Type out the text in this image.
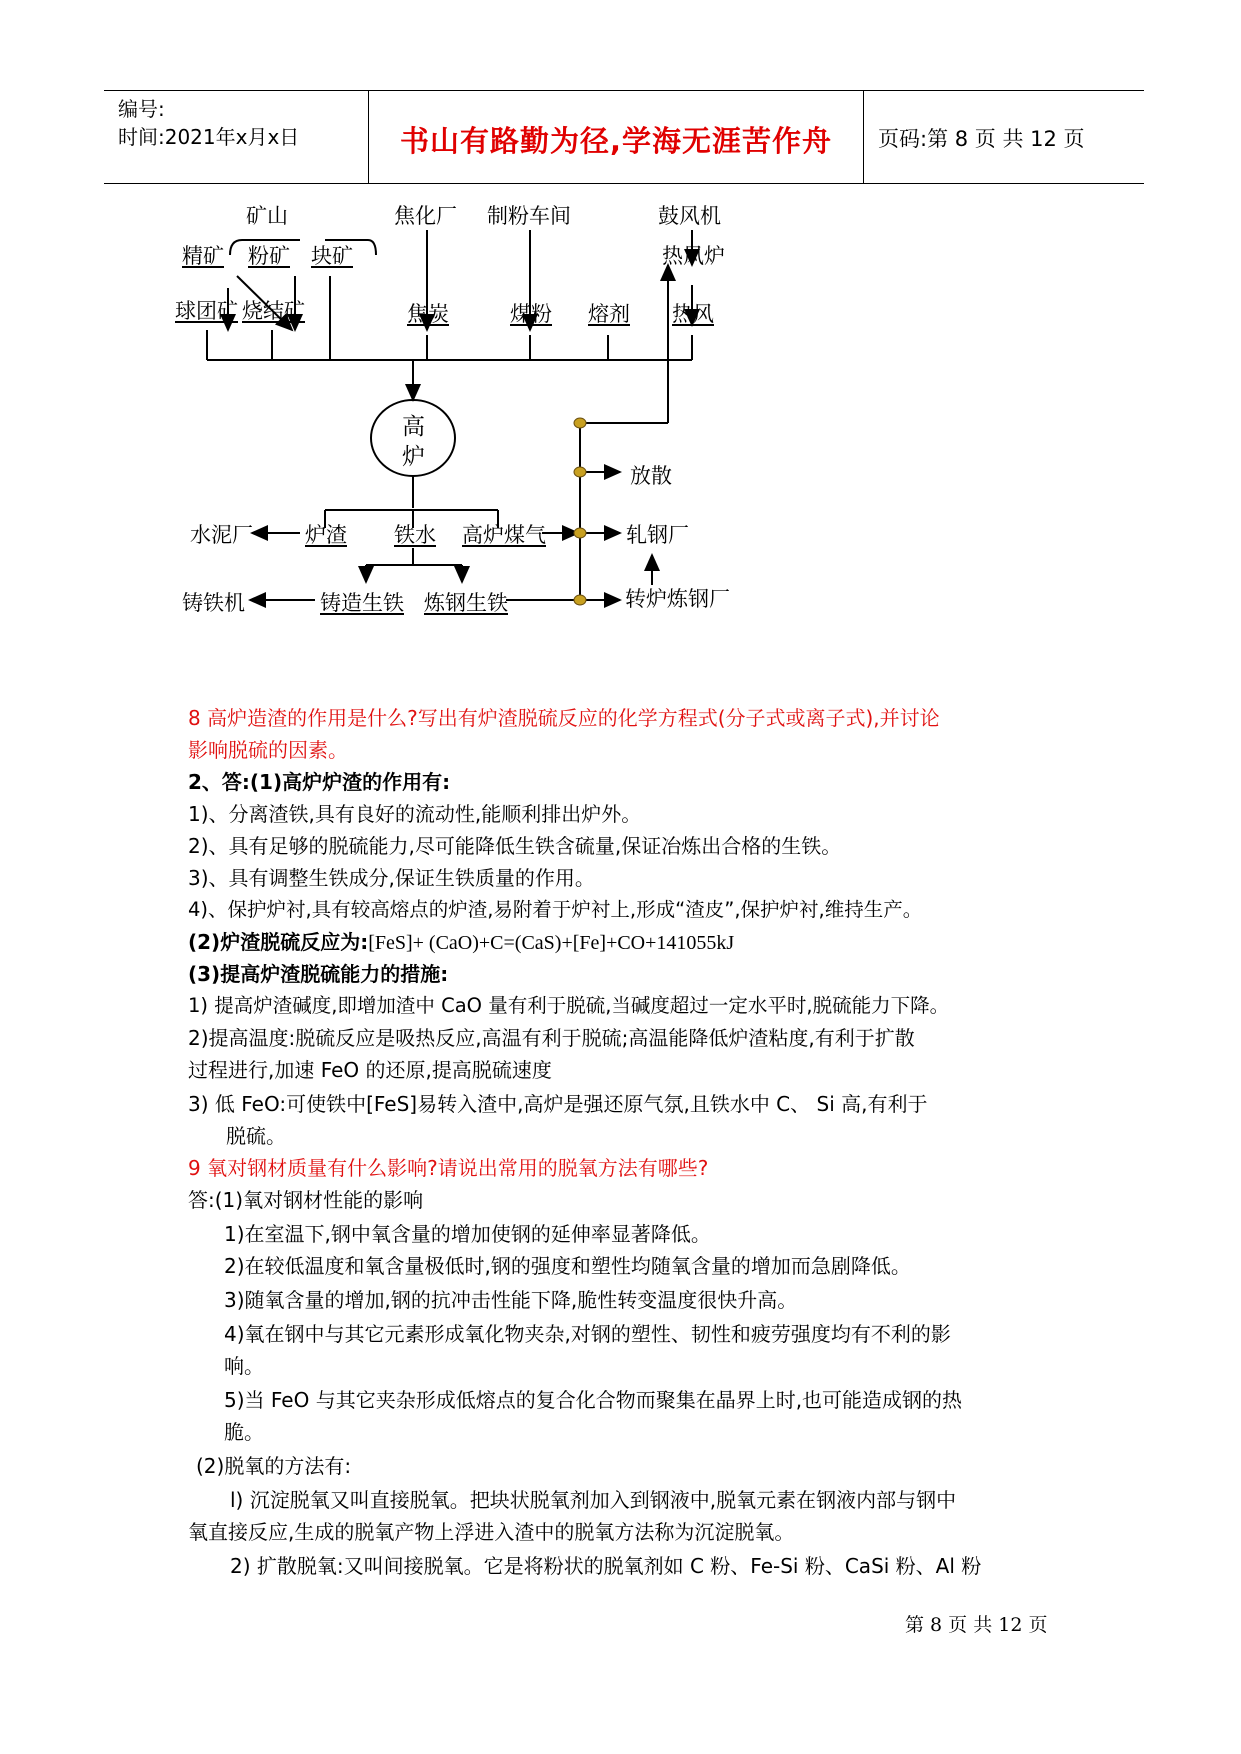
编号:
时间:2021年x月x日	书山有路勤为径,学海无涯苦作舟	页码:第 8 页 共 12 页
矿山
精矿 粉矿 块矿
球团矿 烧结矿
焦化厂
焦炭
制粉车间
煤粉 熔剂
鼓风机
热风炉
热风
高
炉
放散
水泥厂 炉渣 铁水 高炉煤气	轧钢厂
铸铁机	铸造生铁 炼钢生铁	转炉炼钢厂
8 高炉造渣的作用是什么?写出有炉渣脱硫反应的化学方程式(分子式或离子式),并讨论
影响脱硫的因素。
2、答:(1)高炉炉渣的作用有:
1)、分离渣铁,具有良好的流动性,能顺利排出炉外。
2)、具有足够的脱硫能力,尽可能降低生铁含硫量,保证冶炼出合格的生铁。
3)、具有调整生铁成分,保证生铁质量的作用。
4)、保护炉衬,具有较高熔点的炉渣,易附着于炉衬上,形成“渣皮”,保护炉衬,维持生产。
(2)炉渣脱硫反应为:[FeS]+ (CaO)+C=(CaS)+[Fe]+CO+141055kJ
(3)提高炉渣脱硫能力的措施:
1) 提高炉渣碱度,即增加渣中 CaO 量有利于脱硫,当碱度超过一定水平时,脱硫能力下降。
2)提高温度:脱硫反应是吸热反应,高温有利于脱硫;高温能降低炉渣粘度,有利于扩散
过程进行,加速 FeO 的还原,提高脱硫速度
3) 低 FeO:可使铁中[FeS]易转入渣中,高炉是强还原气氛,且铁水中 C、 Si 高,有利于
脱硫。
9 氧对钢材质量有什么影响?请说出常用的脱氧方法有哪些?
答:(1)氧对钢材性能的影响
1)在室温下,钢中氧含量的增加使钢的延伸率显著降低。
2)在较低温度和氧含量极低时,钢的强度和塑性均随氧含量的增加而急剧降低。
3)随氧含量的增加,钢的抗冲击性能下降,脆性转变温度很快升高。
4)氧在钢中与其它元素形成氧化物夹杂,对钢的塑性、韧性和疲劳强度均有不利的影
响。
5)当 FeO 与其它夹杂形成低熔点的复合化合物而聚集在晶界上时,也可能造成钢的热
脆。
(2)脱氧的方法有:
l) 沉淀脱氧又叫直接脱氧。把块状脱氧剂加入到钢液中,脱氧元素在钢液内部与钢中
氧直接反应,生成的脱氧产物上浮进入渣中的脱氧方法称为沉淀脱氧。
2) 扩散脱氧:又叫间接脱氧。它是将粉状的脱氧剂如 C 粉、Fe-Si 粉、CaSi 粉、Al 粉
第 8 页 共 12 页
